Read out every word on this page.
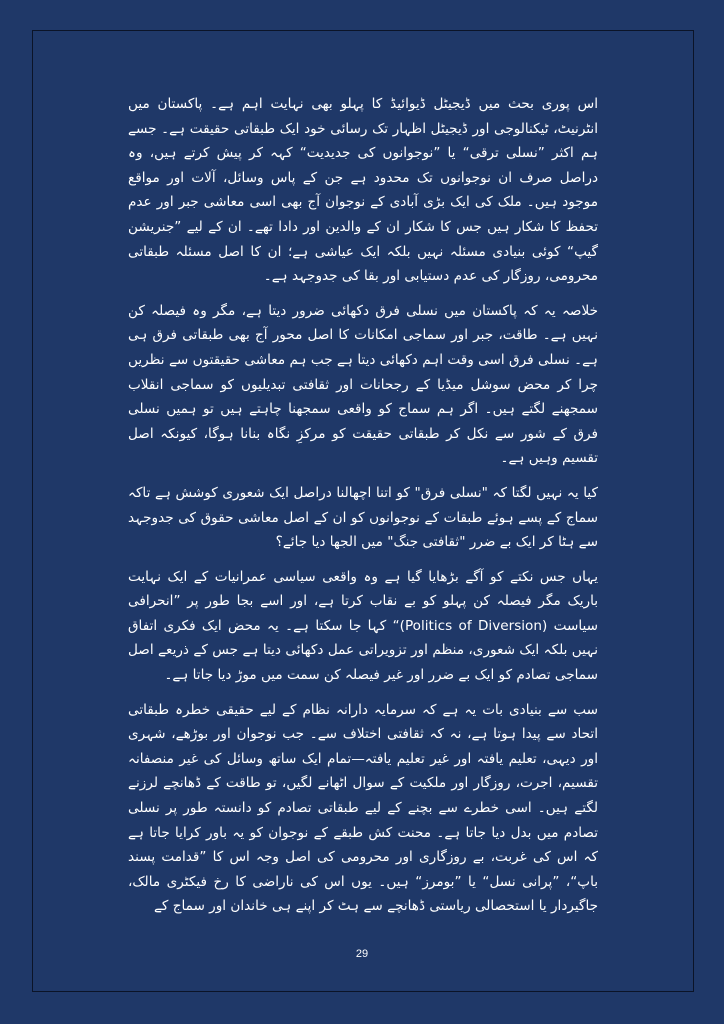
اس پوری بحث میں ڈیجیٹل ڈیوائیڈ کا پہلو بھی نہایت اہم ہے۔ پاکستان میں انٹرنیٹ، ٹیکنالوجی اور ڈیجیٹل اظہار تک رسائی خود ایک طبقاتی حقیقت ہے۔ جسے ہم اکثر ”نسلی ترقی“ یا ”نوجوانوں کی جدیدیت“ کہہ کر پیش کرتے ہیں، وہ دراصل صرف ان نوجوانوں تک محدود ہے جن کے پاس وسائل، آلات اور مواقع موجود ہیں۔ ملک کی ایک بڑی آبادی کے نوجوان آج بھی اسی معاشی جبر اور عدم تحفظ کا شکار ہیں جس کا شکار ان کے والدین اور دادا تھے۔ ان کے لیے ”جنریشن گیپ“ کوئی بنیادی مسئلہ نہیں بلکہ ایک عیاشی ہے؛ ان کا اصل مسئلہ طبقاتی محرومی، روزگار کی عدم دستیابی اور بقا کی جدوجہد ہے۔

خلاصہ یہ کہ پاکستان میں نسلی فرق دکھائی ضرور دیتا ہے، مگر وہ فیصلہ کن نہیں ہے۔ طاقت، جبر اور سماجی امکانات کا اصل محور آج بھی طبقاتی فرق ہی ہے۔ نسلی فرق اسی وقت اہم دکھائی دیتا ہے جب ہم معاشی حقیقتوں سے نظریں چرا کر محض سوشل میڈیا کے رجحانات اور ثقافتی تبدیلیوں کو سماجی انقلاب سمجھنے لگتے ہیں۔ اگر ہم سماج کو واقعی سمجھنا چاہتے ہیں تو ہمیں نسلی فرق کے شور سے نکل کر طبقاتی حقیقت کو مرکزِ نگاہ بنانا ہوگا، کیونکہ اصل تقسیم وہیں ہے۔

کیا یہ نہیں لگتا کہ "نسلی فرق" کو اتنا اچھالنا دراصل ایک شعوری کوشش ہے تاکہ سماج کے پسے ہوئے طبقات کے نوجوانوں کو ان کے اصل معاشی حقوق کی جدوجہد سے ہٹا کر ایک بے ضرر "ثقافتی جنگ" میں الجھا دیا جائے؟

یہاں جس نکتے کو آگے بڑھایا گیا ہے وہ واقعی سیاسی عمرانیات کے ایک نہایت باریک مگر فیصلہ کن پہلو کو بے نقاب کرتا ہے، اور اسے بجا طور پر ”انحرافی سیاست (Politics of Diversion)“ کہا جا سکتا ہے۔ یہ محض ایک فکری اتفاق نہیں بلکہ ایک شعوری، منظم اور تزویراتی عمل دکھائی دیتا ہے جس کے ذریعے اصل سماجی تصادم کو ایک بے ضرر اور غیر فیصلہ کن سمت میں موڑ دیا جاتا ہے۔

سب سے بنیادی بات یہ ہے کہ سرمایہ دارانہ نظام کے لیے حقیقی خطرہ طبقاتی اتحاد سے پیدا ہوتا ہے، نہ کہ ثقافتی اختلاف سے۔ جب نوجوان اور بوڑھے، شہری اور دیہی، تعلیم یافتہ اور غیر تعلیم یافتہ—تمام ایک ساتھ وسائل کی غیر منصفانہ تقسیم، اجرت، روزگار اور ملکیت کے سوال اٹھانے لگیں، تو طاقت کے ڈھانچے لرزنے لگتے ہیں۔ اسی خطرے سے بچنے کے لیے طبقاتی تصادم کو دانستہ طور پر نسلی تصادم میں بدل دیا جاتا ہے۔ محنت کش طبقے کے نوجوان کو یہ باور کرایا جاتا ہے کہ اس کی غربت، بے روزگاری اور محرومی کی اصل وجہ اس کا ”قدامت پسند باپ“، ”پرانی نسل“ یا ”بومرز“ ہیں۔ یوں اس کی ناراضی کا رخ فیکٹری مالک، جاگیردار یا استحصالی ریاستی ڈھانچے سے ہٹ کر اپنے ہی خاندان اور سماج کے

29
